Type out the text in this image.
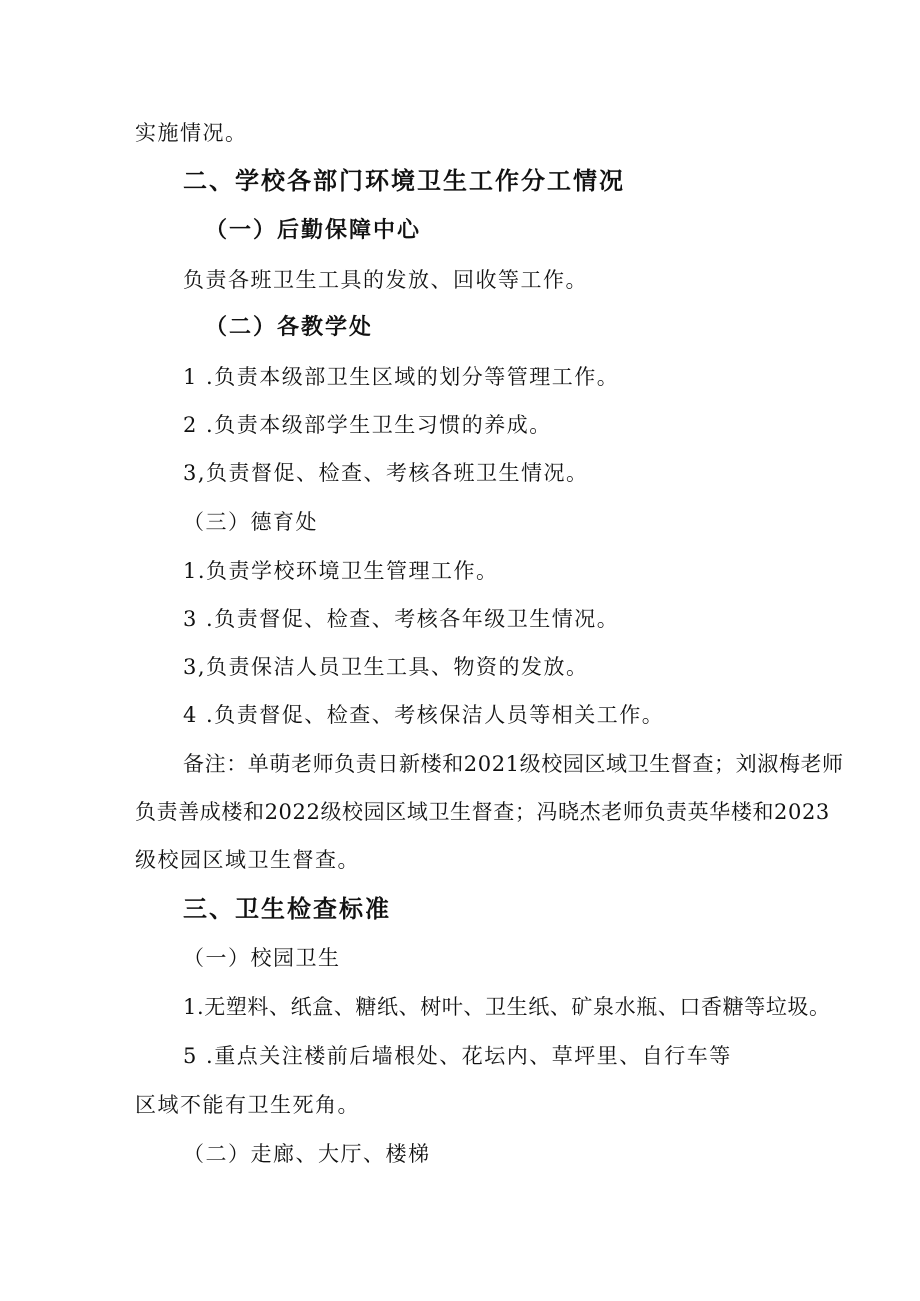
实施情况。
二、学校各部门环境卫生工作分工情况
（一）后勤保障中心
负责各班卫生工具的发放、回收等工作。
（二）各教学处
1 .负责本级部卫生区域的划分等管理工作。
2 .负责本级部学生卫生习惯的养成。
3,负责督促、检查、考核各班卫生情况。
（三）德育处
1.负责学校环境卫生管理工作。
3 .负责督促、检查、考核各年级卫生情况。
3,负责保洁人员卫生工具、物资的发放。
4 .负责督促、检查、考核保洁人员等相关工作。
备注：单萌老师负责日新楼和2021级校园区域卫生督查；刘淑梅老师
负责善成楼和2022级校园区域卫生督查；冯晓杰老师负责英华楼和2023
级校园区域卫生督查。
三、卫生检查标准
（一）校园卫生
1.无塑料、纸盒、糖纸、树叶、卫生纸、矿泉水瓶、口香糖等垃圾。
5 .重点关注楼前后墙根处、花坛内、草坪里、自行车等
区域不能有卫生死角。
（二）走廊、大厅、楼梯
